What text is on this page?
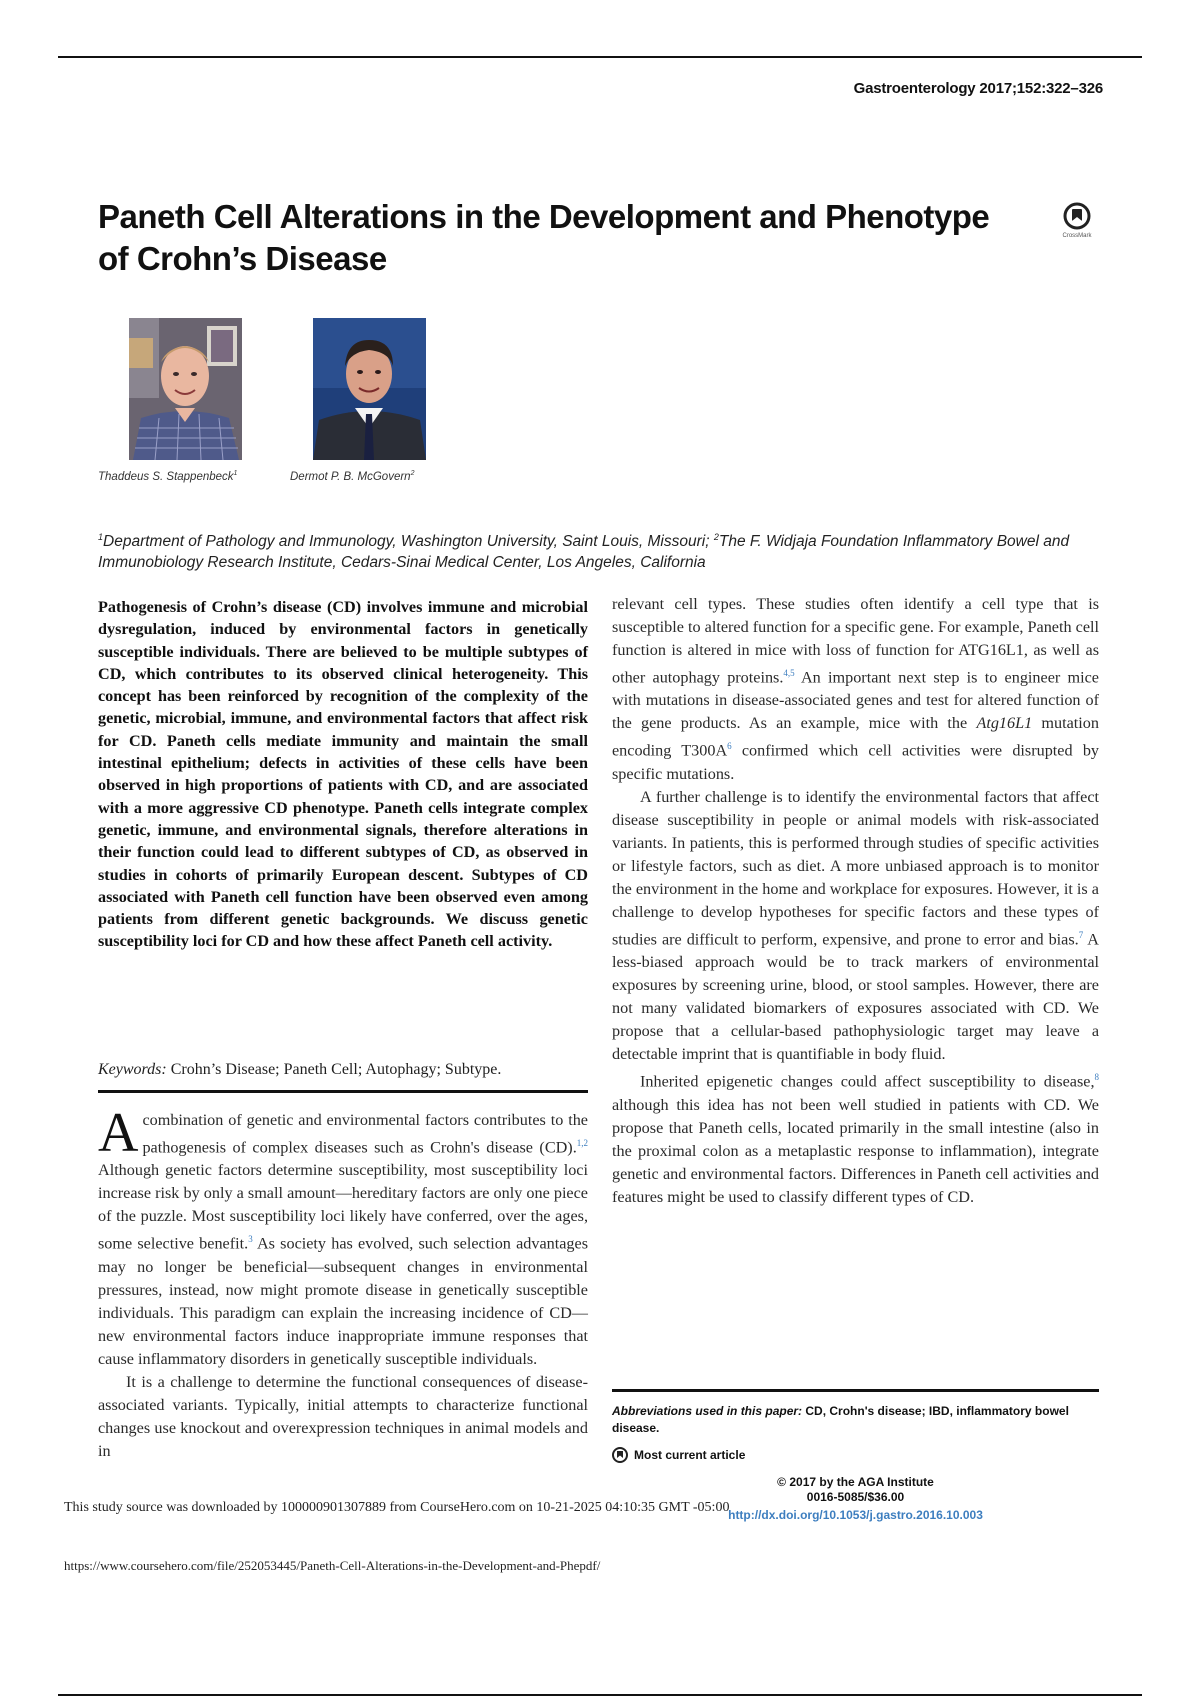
Gastroenterology 2017;152:322–326
Paneth Cell Alterations in the Development and Phenotype of Crohn’s Disease
CrossMark
Thaddeus S. Stappenbeck$^1$	Dermot P. B. McGovern$^2$
$^1$Department of Pathology and Immunology, Washington University, Saint Louis, Missouri; $^2$The F. Widjaja Foundation Inflammatory Bowel and Immunobiology Research Institute, Cedars-Sinai Medical Center, Los Angeles, California

Pathogenesis of Crohn’s disease (CD) involves immune and microbial dysregulation, induced by environmental factors in genetically susceptible individuals. There are believed to be multiple subtypes of CD, which contributes to its observed clinical heterogeneity. This concept has been reinforced by recognition of the complexity of the genetic, microbial, immune, and environmental factors that affect risk for CD. Paneth cells mediate immunity and maintain the small intestinal epithelium; defects in activities of these cells have been observed in high proportions of patients with CD, and are associated with a more aggressive CD phenotype. Paneth cells integrate complex genetic, immune, and environmental signals, therefore alterations in their function could lead to different subtypes of CD, as observed in studies in cohorts of primarily European descent. Subtypes of CD associated with Paneth cell function have been observed even among patients from different genetic backgrounds. We discuss genetic susceptibility loci for CD and how these affect Paneth cell activity.

Keywords: Crohn’s Disease; Paneth Cell; Autophagy; Subtype.

A combination of genetic and environmental factors contributes to the pathogenesis of complex diseases such as Crohn's disease (CD).$^{1,2}$ Although genetic factors determine susceptibility, most susceptibility loci increase risk by only a small amount—hereditary factors are only one piece of the puzzle. Most susceptibility loci likely have conferred, over the ages, some selective benefit.$^3$ As society has evolved, such selection advantages may no longer be beneficial—subsequent changes in environmental pressures, instead, now might promote disease in genetically susceptible individuals. This paradigm can explain the increasing incidence of CD—new environmental factors induce inappropriate immune responses that cause inflammatory disorders in genetically susceptible individuals.

It is a challenge to determine the functional consequences of disease-associated variants. Typically, initial attempts to characterize functional changes use knockout and overexpression techniques in animal models and in

relevant cell types. These studies often identify a cell type that is susceptible to altered function for a specific gene. For example, Paneth cell function is altered in mice with loss of function for ATG16L1, as well as other autophagy proteins.$^{4,5}$ An important next step is to engineer mice with mutations in disease-associated genes and test for altered function of the gene products. As an example, mice with the Atg16L1 mutation encoding T300A$^6$ confirmed which cell activities were disrupted by specific mutations.

A further challenge is to identify the environmental factors that affect disease susceptibility in people or animal models with risk-associated variants. In patients, this is performed through studies of specific activities or lifestyle factors, such as diet. A more unbiased approach is to monitor the environment in the home and workplace for exposures. However, it is a challenge to develop hypotheses for specific factors and these types of studies are difficult to perform, expensive, and prone to error and bias.$^7$ A less-biased approach would be to track markers of environmental exposures by screening urine, blood, or stool samples. However, there are not many validated biomarkers of exposures associated with CD. We propose that a cellular-based pathophysiologic target may leave a detectable imprint that is quantifiable in body fluid.

Inherited epigenetic changes could affect susceptibility to disease,$^8$ although this idea has not been well studied in patients with CD. We propose that Paneth cells, located primarily in the small intestine (also in the proximal colon as a metaplastic response to inflammation), integrate genetic and environmental factors. Differences in Paneth cell activities and features might be used to classify different types of CD.

Abbreviations used in this paper: CD, Crohn's disease; IBD, inflammatory bowel disease.
Most current article
© 2017 by the AGA Institute
0016-5085/$36.00
http://dx.doi.org/10.1053/j.gastro.2016.10.003
This study source was downloaded by 100000901307889 from CourseHero.com on 10-21-2025 04:10:35 GMT -05:00
https://www.coursehero.com/file/252053445/Paneth-Cell-Alterations-in-the-Development-and-Phepdf/
